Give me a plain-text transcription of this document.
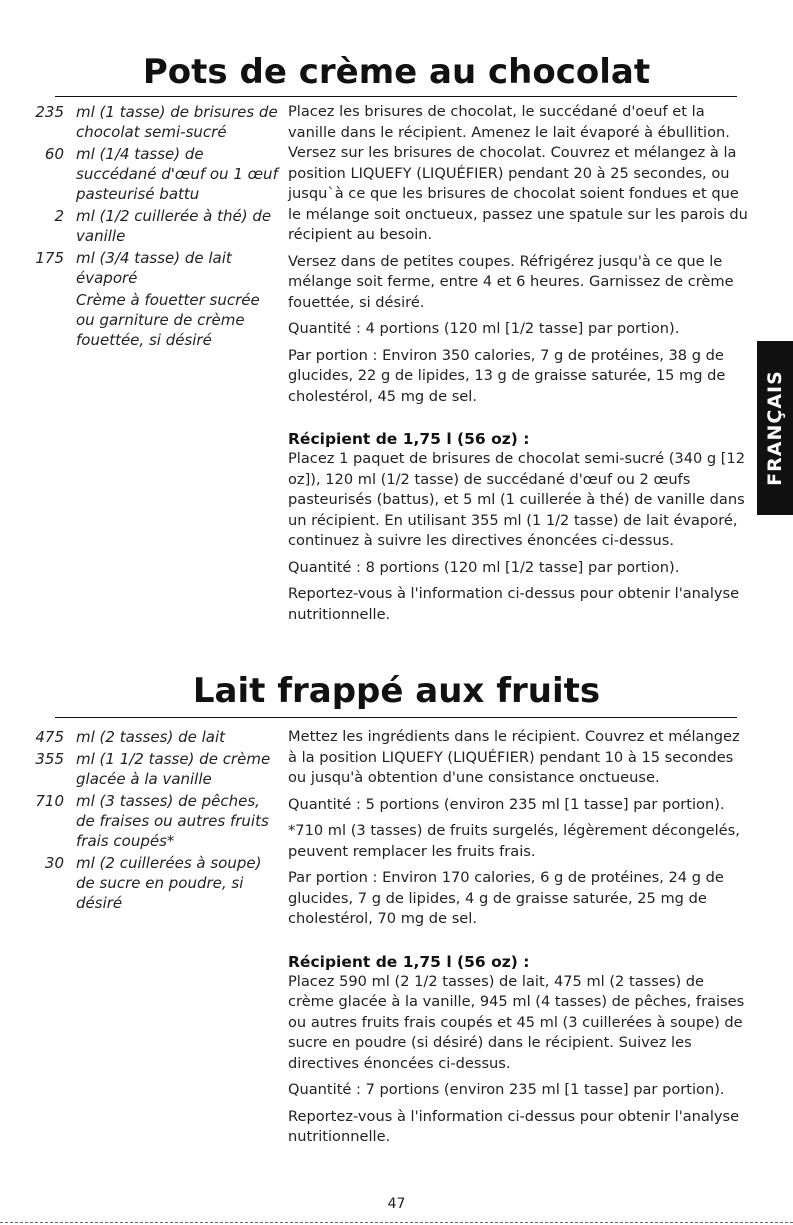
Pots de crème au chocolat
235 ml (1 tasse) de brisures de chocolat semi-sucré
60 ml (1/4 tasse) de succédané d'œuf ou 1 œuf pasteurisé battu
2 ml (1/2 cuillerée à thé) de vanille
175 ml (3/4 tasse) de lait évaporé
Crème à fouetter sucrée ou garniture de crème fouettée, si désiré

Placez les brisures de chocolat, le succédané d'oeuf et la vanille dans le récipient. Amenez le lait évaporé à ébullition. Versez sur les brisures de chocolat. Couvrez et mélangez à la position LIQUEFY (LIQUÉFIER) pendant 20 à 25 secondes, ou jusqu`à ce que les brisures de chocolat soient fondues et que le mélange soit onctueux, passez une spatule sur les parois du récipient au besoin.

Versez dans de petites coupes. Réfrigérez jusqu'à ce que le mélange soit ferme, entre 4 et 6 heures. Garnissez de crème fouettée, si désiré.

Quantité : 4 portions (120 ml [1/2 tasse] par portion).

Par portion : Environ 350 calories, 7 g de protéines, 38 g de glucides, 22 g de lipides, 13 g de graisse saturée, 15 mg de cholestérol, 45 mg de sel.

Récipient de 1,75 l (56 oz) :

Placez 1 paquet de brisures de chocolat semi-sucré (340 g [12 oz]), 120 ml (1/2 tasse) de succédané d'œuf ou 2 œufs pasteurisés (battus), et 5 ml (1 cuillerée à thé) de vanille dans un récipient. En utilisant 355 ml (1 1/2 tasse) de lait évaporé, continuez à suivre les directives énoncées ci-dessus.

Quantité : 8 portions (120 ml [1/2 tasse] par portion).

Reportez-vous à l'information ci-dessus pour obtenir l'analyse nutritionnelle.

Lait frappé aux fruits
475 ml (2 tasses) de lait
355 ml (1 1/2 tasse) de crème glacée à la vanille
710 ml (3 tasses) de pêches, de fraises ou autres fruits frais coupés*
30 ml (2 cuillerées à soupe) de sucre en poudre, si désiré

Mettez les ingrédients dans le récipient. Couvrez et mélangez à la position LIQUEFY (LIQUÉFIER) pendant 10 à 15 secondes ou jusqu'à obtention d'une consistance onctueuse.

Quantité : 5 portions (environ 235 ml [1 tasse] par portion).

*710 ml (3 tasses) de fruits surgelés, légèrement décongelés, peuvent remplacer les fruits frais.

Par portion : Environ 170 calories, 6 g de protéines, 24 g de glucides, 7 g de lipides, 4 g de graisse saturée, 25 mg de cholestérol, 70 mg de sel.

Récipient de 1,75 l (56 oz) :

Placez 590 ml (2 1/2 tasses) de lait, 475 ml (2 tasses) de crème glacée à la vanille, 945 ml (4 tasses) de pêches, fraises ou autres fruits frais coupés et 45 ml (3 cuillerées à soupe) de sucre en poudre (si désiré) dans le récipient. Suivez les directives énoncées ci-dessus.

Quantité : 7 portions (environ 235 ml [1 tasse] par portion).

Reportez-vous à l'information ci-dessus pour obtenir l'analyse nutritionnelle.

FRANÇAIS
47
